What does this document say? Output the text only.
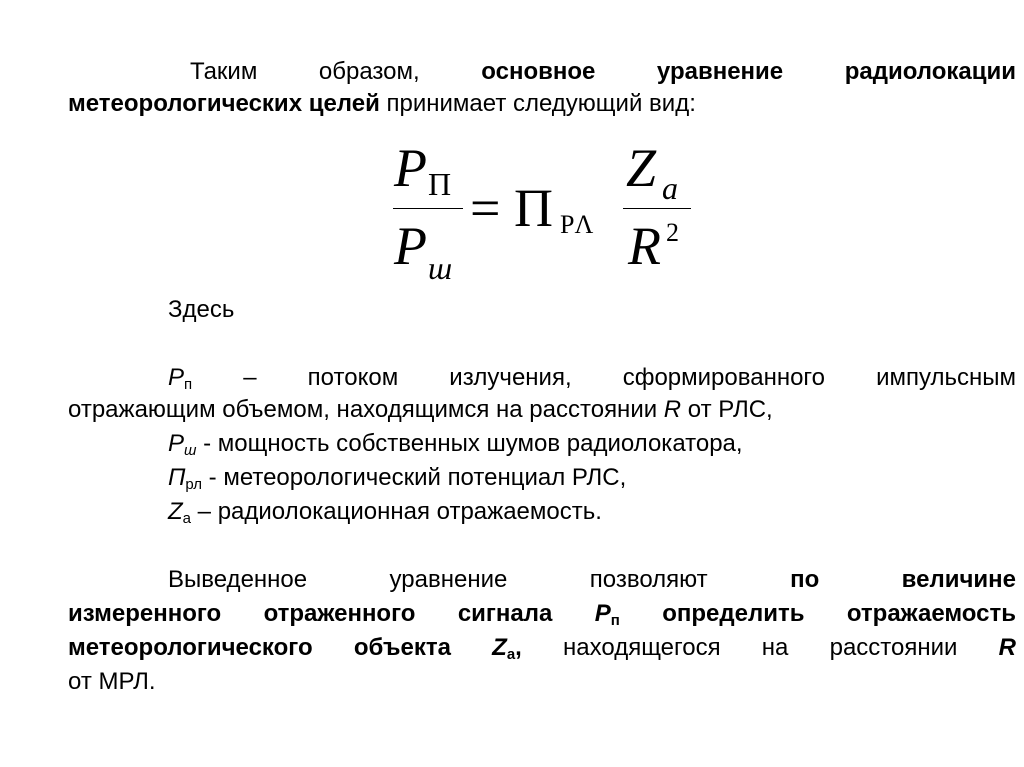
Таким образом, основное уравнение радиолокации
метеорологических целей принимает следующий вид:
P П
P ш
= П РΛ
Z a
R 2
Здесь
$Р_п$ – потоком излучения, сформированного импульсным
отражающим объемом, находящимся на расстоянии R от РЛС,
$Р_ш$ - мощность собственных шумов радиолокатора,
$П_{рл}$ - метеорологический потенциал РЛС,
$Z_а$ – радиолокационная отражаемость.
Выведенное уравнение позволяют по величине
измеренного отраженного сигнала $Р_п$ определить отражаемость
метеорологического объекта $Z_а$, находящегося на расстоянии R
от МРЛ.
